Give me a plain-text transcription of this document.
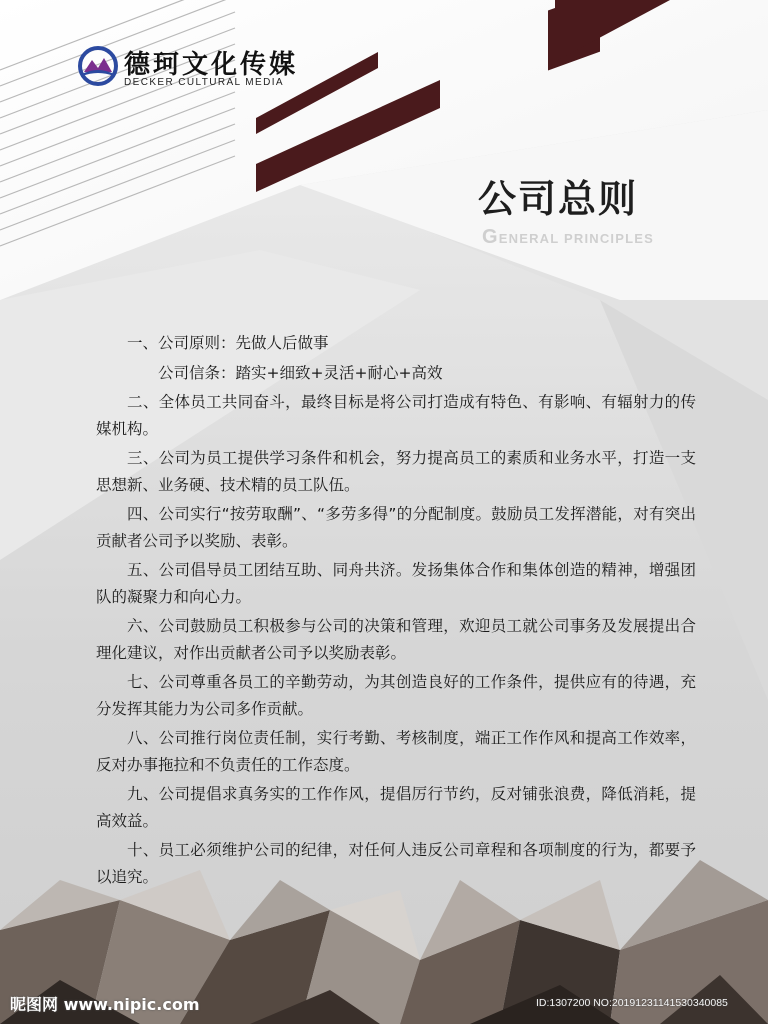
德珂文化传媒
DECKER CULTURAL MEDIA
公司总则
GENERAL PRINCIPLES

一、公司原则：先做人后做事

公司信条：踏实+细致+灵活+耐心+高效

二、全体员工共同奋斗，最终目标是将公司打造成有特色、有影响、有辐射力的传媒机构。

三、公司为员工提供学习条件和机会，努力提高员工的素质和业务水平，打造一支思想新、业务硬、技术精的员工队伍。

四、公司实行“按劳取酬”、“多劳多得”的分配制度。鼓励员工发挥潜能，对有突出贡献者公司予以奖励、表彰。

五、公司倡导员工团结互助、同舟共济。发扬集体合作和集体创造的精神，增强团队的凝聚力和向心力。

六、公司鼓励员工积极参与公司的决策和管理，欢迎员工就公司事务及发展提出合理化建议，对作出贡献者公司予以奖励表彰。

七、公司尊重各员工的辛勤劳动，为其创造良好的工作条件，提供应有的待遇，充分发挥其能力为公司多作贡献。

八、公司推行岗位责任制，实行考勤、考核制度，端正工作作风和提高工作效率，反对办事拖拉和不负责任的工作态度。

九、公司提倡求真务实的工作作风，提倡厉行节约，反对铺张浪费，降低消耗，提高效益。

十、员工必须维护公司的纪律，对任何人违反公司章程和各项制度的行为，都要予以追究。

昵图网 www.nipic.com	ID:1307200 NO:20191231141530340085
